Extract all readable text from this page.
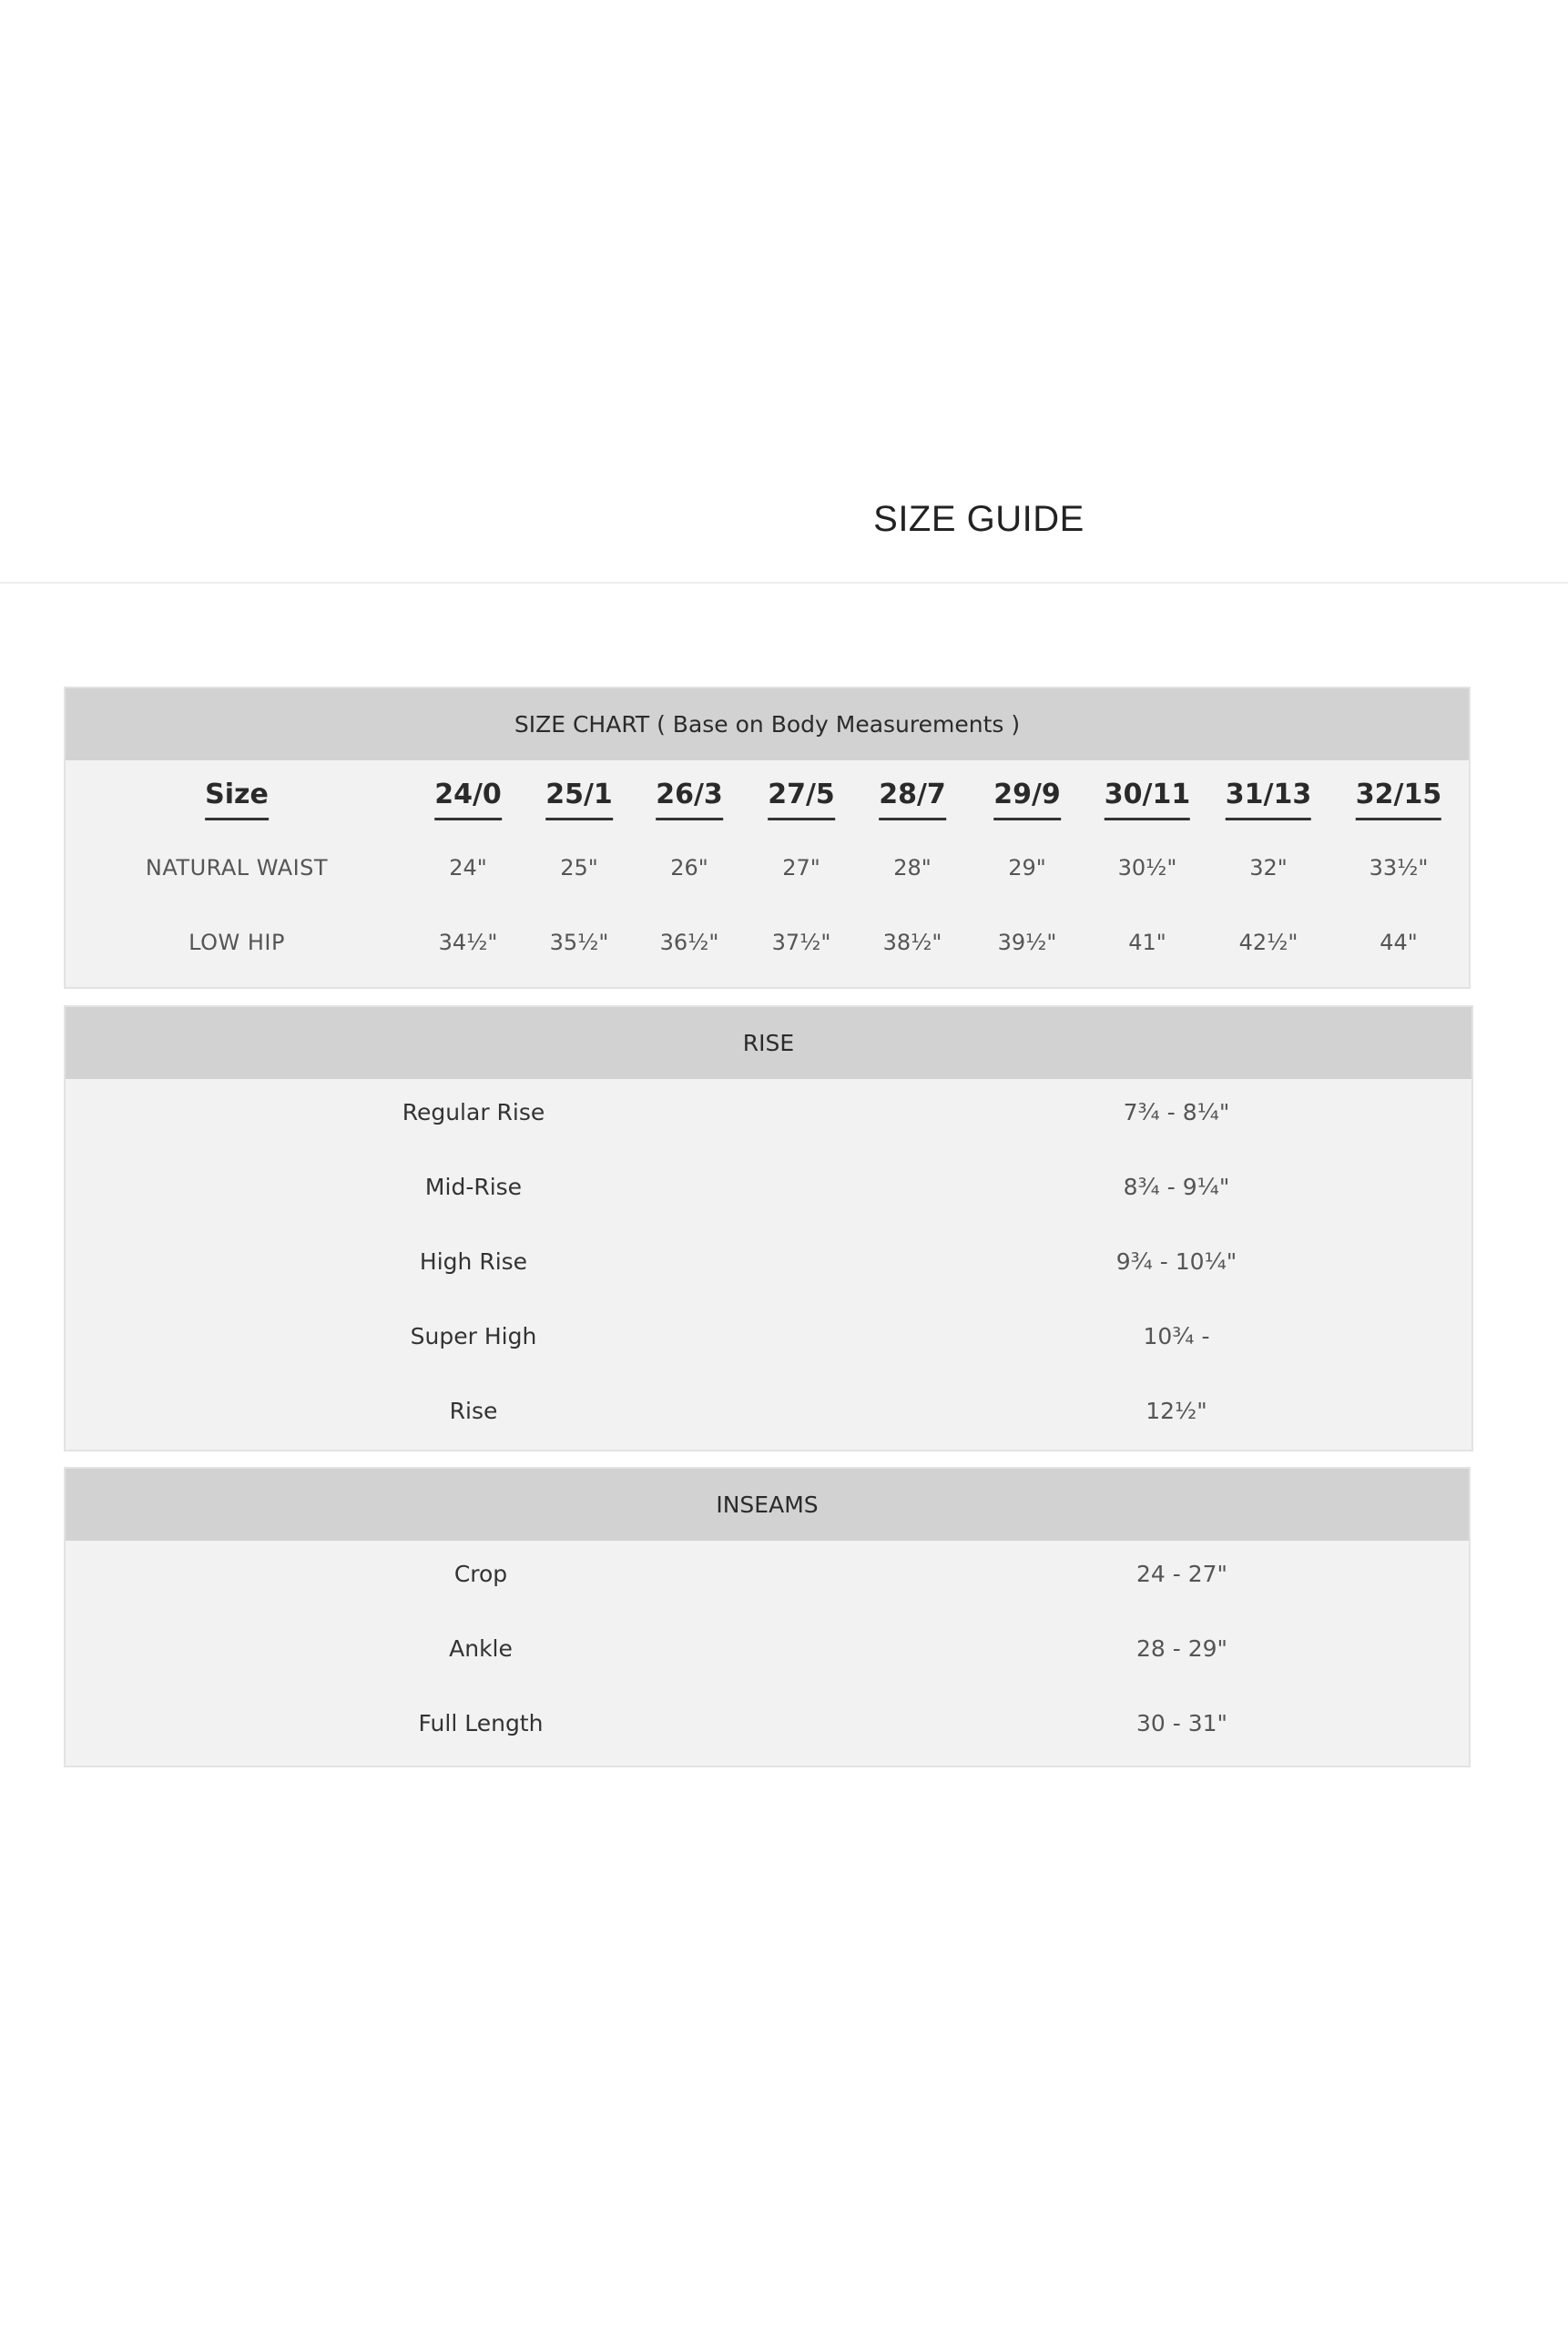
SIZE GUIDE
SIZE CHART ( Base on Body Measurements )
Size	24/0 25/1 26/3 27/5 28/7 29/9 30/11 31/13 32/15
NATURAL WAIST	24"	25"	26"	27"	28"	29"	30½"	32"	33½"
LOW HIP	34½" 35½" 36½" 37½" 38½"	39½"	41"	42½"	44"
RISE
Regular Rise	7¾ - 8¼"
Mid-Rise	8¾ - 9¼"
High Rise	9¾ - 10¼"
Super High	10¾ -
Rise	12½"
INSEAMS
Crop	24 - 27"
Ankle	28 - 29"
Full Length	30 - 31"
